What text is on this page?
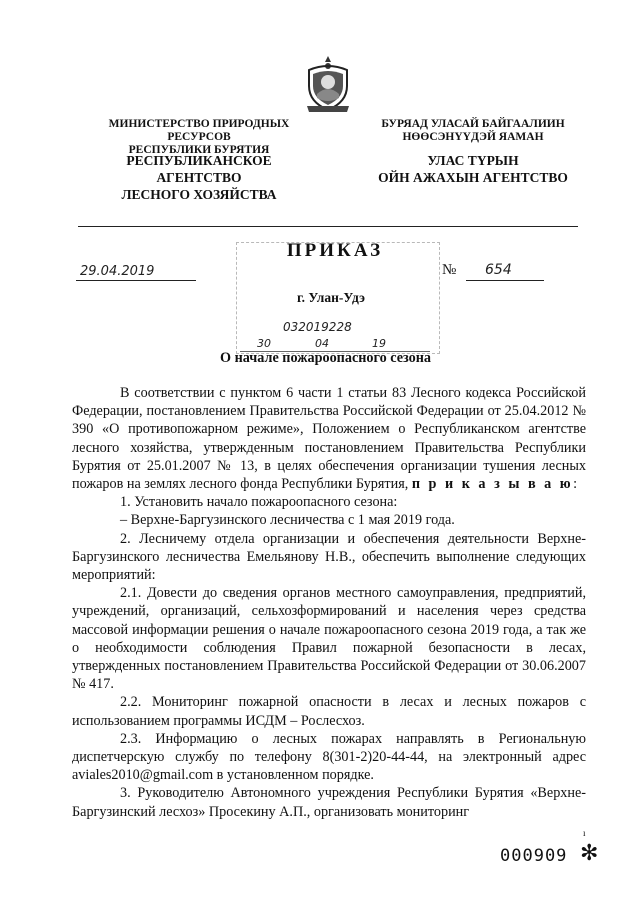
МИНИСТЕРСТВО ПРИРОДНЫХ РЕСУРСОВ
РЕСПУБЛИКИ БУРЯТИЯ
РЕСПУБЛИКАНСКОЕ АГЕНТСТВО
ЛЕСНОГО ХОЗЯЙСТВА
БУРЯАД УЛАСАЙ БАЙГААЛИИН
НӨӨСЭНҮҮДЭЙ ЯАМАН
УЛАС ТҮРЫН
ОЙН АЖАХЫН АГЕНТСТВО
ПРИКАЗ
29.04.2019	№ 654
г. Улан-Удэ
032019228
30	04	19
О начале пожароопасного сезона

В соответствии с пунктом 6 части 1 статьи 83 Лесного кодекса Российской Федерации, постановлением Правительства Российской Федерации от 25.04.2012 № 390 «О противопожарном режиме», Положением о Республиканском агентстве лесного хозяйства, утвержденным постановлением Правительства Республики Бурятия от 25.01.2007 № 13, в целях обеспечения организации тушения лесных пожаров на землях лесного фонда Республики Бурятия, п р и к а з ы в а ю:

1. Установить начало пожароопасного сезона:

– Верхне-Баргузинского лесничества с 1 мая 2019 года.

2. Лесничему отдела организации и обеспечения деятельности Верхне-Баргузинского лесничества Емельянову Н.В., обеспечить выполнение следующих мероприятий:

2.1. Довести до сведения органов местного самоуправления, предприятий, учреждений, организаций, сельхозформирований и населения через средства массовой информации решения о начале пожароопасного сезона 2019 года, а так же о необходимости соблюдения Правил пожарной безопасности в лесах, утвержденных постановлением Правительства Российской Федерации от 30.06.2007 № 417.

2.2. Мониторинг пожарной опасности в лесах и лесных пожаров с использованием программы ИСДМ – Рослесхоз.

2.3. Информацию о лесных пожарах направлять в Региональную диспетчерскую службу по телефону 8(301-2)20-44-44, на электронный адрес aviales2010@gmail.com в установленном порядке.

3. Руководителю Автономного учреждения Республики Бурятия «Верхне-Баргузинский лесхоз» Просекину А.П., организовать мониторинг

ı
000909 ✻
